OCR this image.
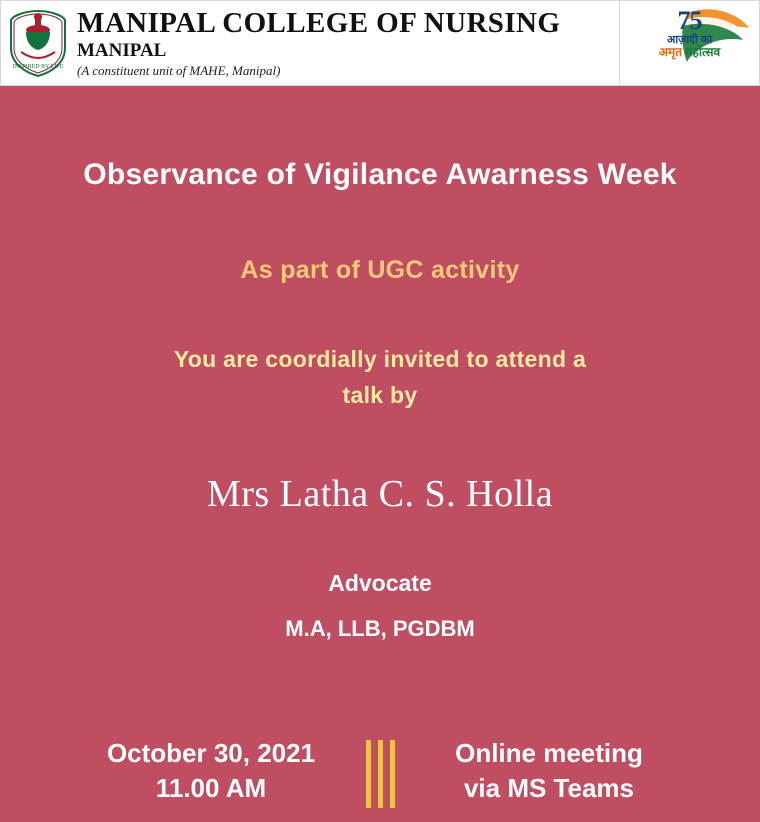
INSPIRED BY LIFE
MANIPAL COLLEGE OF NURSING
MANIPAL
(A constituent unit of MAHE, Manipal)
75
आज़ादी का
अमृत महोत्सव
Observance of Vigilance Awarness Week
As part of UGC activity
You are coordially invited to attend a
talk by
Mrs Latha C. S. Holla
Advocate
M.A, LLB, PGDBM
October 30, 2021
11.00 AM
Online meeting
via MS Teams
